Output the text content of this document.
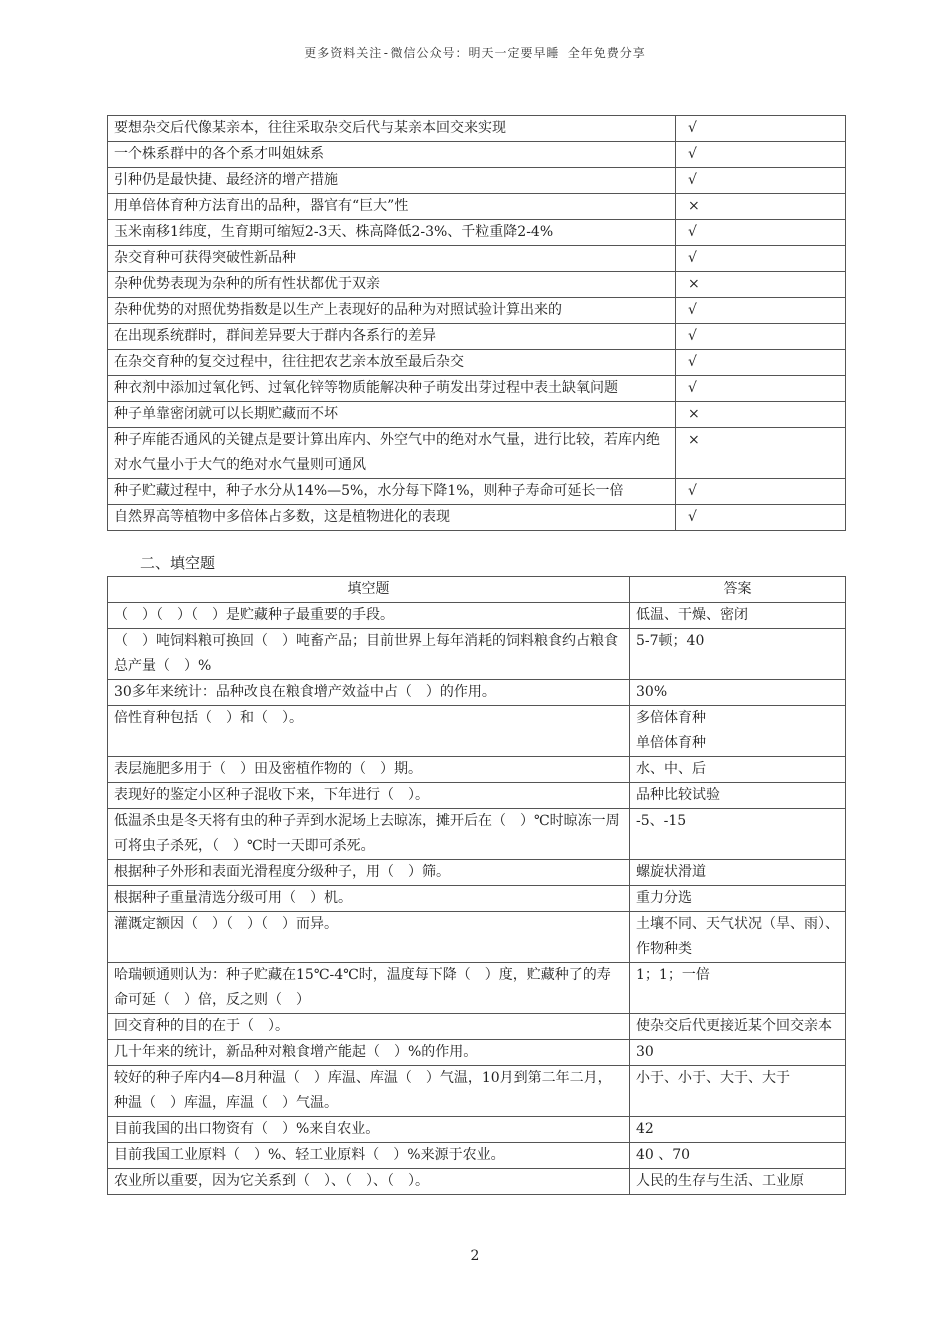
更多资料关注-微信公众号：明天一定要早睡 全年免费分享
要想杂交后代像某亲本，往往采取杂交后代与某亲本回交来实现	√
一个株系群中的各个系才叫姐妹系	√
引种仍是最快捷、最经济的增产措施	√
用单倍体育种方法育出的品种，器官有“巨大”性	×
玉米南移1纬度，生育期可缩短2-3天、株高降低2-3%、千粒重降2-4%	√
杂交育种可获得突破性新品种	√
杂种优势表现为杂种的所有性状都优于双亲	×
杂种优势的对照优势指数是以生产上表现好的品种为对照试验计算出来的	√
在出现系统群时，群间差异要大于群内各系行的差异	√
在杂交育种的复交过程中，往往把农艺亲本放至最后杂交	√
种衣剂中添加过氧化钙、过氧化锌等物质能解决种子萌发出芽过程中表土缺氧问题	√
种子单靠密闭就可以长期贮藏而不坏	×
种子库能否通风的关键点是要计算出库内、外空气中的绝对水气量，进行比较，若库内绝对水气量小于大气的绝对水气量则可通风	×
种子贮藏过程中，种子水分从14%—5%，水分每下降1%，则种子寿命可延长一倍	√
自然界高等植物中多倍体占多数，这是植物进化的表现	√
二、填空题
填空题	答案
（　）（　）（　）是贮藏种子最重要的手段。	低温、干燥、密闭
（　）吨饲料粮可换回（　）吨畜产品；目前世界上每年消耗的饲料粮食约占粮食总产量（　）%	5-7顿；40
30多年来统计：品种改良在粮食增产效益中占（　）的作用。	30%
倍性育种包括（　）和（　）。	多倍体育种
单倍体育种
表层施肥多用于（　）田及密植作物的（　）期。	水、中、后
表现好的鉴定小区种子混收下来，下年进行（　）。	品种比较试验
低温杀虫是冬天将有虫的种子弄到水泥场上去晾冻，摊开后在（　）℃时晾冻一周可将虫子杀死，（　）℃时一天即可杀死。	-5、-15
根据种子外形和表面光滑程度分级种子，用（　）筛。	螺旋状滑道
根据种子重量清选分级可用（　）机。	重力分选
灌溉定额因（　）（　）（　）而异。	土壤不同、天气状况（旱、雨）、作物种类
哈瑞顿通则认为：种子贮藏在15℃-4℃时，温度每下降（　）度，贮藏种了的寿命可延（　）倍，反之则（　）	1；1；一倍
回交育种的目的在于（　）。	使杂交后代更接近某个回交亲本
几十年来的统计，新品种对粮食增产能起（　）%的作用。	30
较好的种子库内4—8月种温（　）库温、库温（　）气温，10月到第二年二月，种温（　）库温，库温（　）气温。	小于、小于、大于、大于
目前我国的出口物资有（　）%来自农业。	42
目前我国工业原料（　）%、轻工业原料（　）%来源于农业。	40 、70
农业所以重要，因为它关系到（　）、（　）、（　）。	人民的生存与生活、工业原
2
